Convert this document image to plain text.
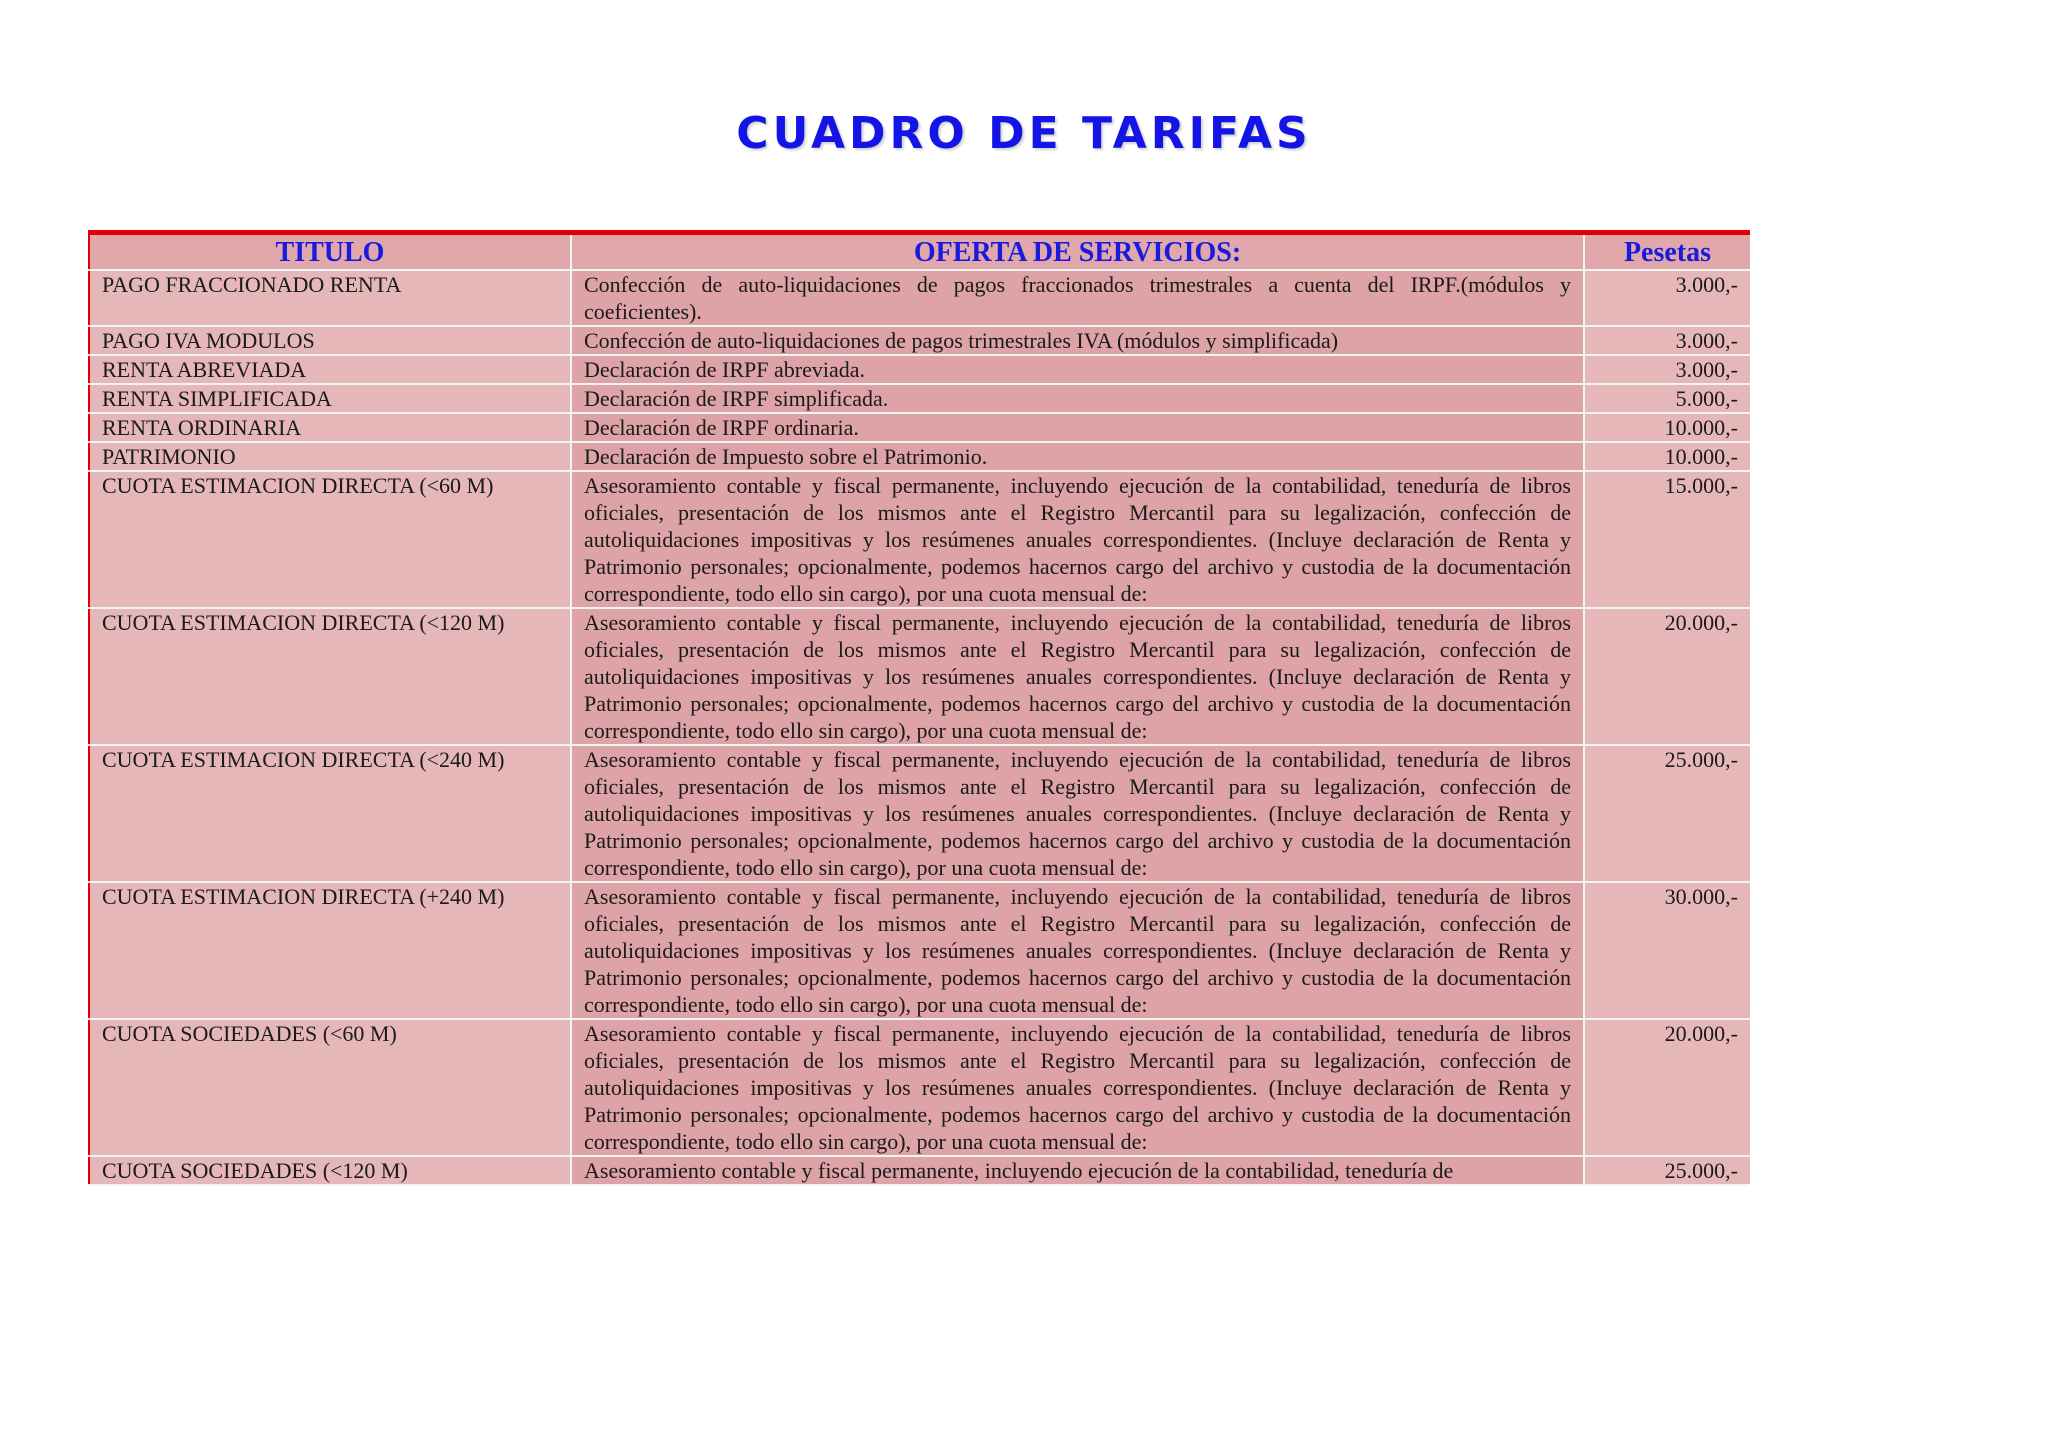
CUADRO DE TARIFAS
TITULO	OFERTA DE SERVICIOS:	Pesetas
PAGO FRACCIONADO RENTA	Confección de auto-liquidaciones de pagos fraccionados trimestrales a cuenta del IRPF.(módulos y coeficientes).	3.000,-
PAGO IVA MODULOS	Confección de auto-liquidaciones de pagos trimestrales IVA (módulos y simplificada)	3.000,-
RENTA ABREVIADA	Declaración de IRPF abreviada.	3.000,-
RENTA SIMPLIFICADA	Declaración de IRPF simplificada.	5.000,-
RENTA ORDINARIA	Declaración de IRPF ordinaria.	10.000,-
PATRIMONIO	Declaración de Impuesto sobre el Patrimonio.	10.000,-
CUOTA ESTIMACION DIRECTA (<60 M)	Asesoramiento contable y fiscal permanente, incluyendo ejecución de la contabilidad, teneduría de libros oficiales, presentación de los mismos ante el Registro Mercantil para su legalización, confección de autoliquidaciones impositivas y los resúmenes anuales correspondientes. (Incluye declaración de Renta y Patrimonio personales; opcionalmente, podemos hacernos cargo del archivo y custodia de la documentación correspondiente, todo ello sin cargo), por una cuota mensual de:	15.000,-
CUOTA ESTIMACION DIRECTA (<120 M)	Asesoramiento contable y fiscal permanente, incluyendo ejecución de la contabilidad, teneduría de libros oficiales, presentación de los mismos ante el Registro Mercantil para su legalización, confección de autoliquidaciones impositivas y los resúmenes anuales correspondientes. (Incluye declaración de Renta y Patrimonio personales; opcionalmente, podemos hacernos cargo del archivo y custodia de la documentación correspondiente, todo ello sin cargo), por una cuota mensual de:	20.000,-
CUOTA ESTIMACION DIRECTA (<240 M)	Asesoramiento contable y fiscal permanente, incluyendo ejecución de la contabilidad, teneduría de libros oficiales, presentación de los mismos ante el Registro Mercantil para su legalización, confección de autoliquidaciones impositivas y los resúmenes anuales correspondientes. (Incluye declaración de Renta y Patrimonio personales; opcionalmente, podemos hacernos cargo del archivo y custodia de la documentación correspondiente, todo ello sin cargo), por una cuota mensual de:	25.000,-
CUOTA ESTIMACION DIRECTA (+240 M)	Asesoramiento contable y fiscal permanente, incluyendo ejecución de la contabilidad, teneduría de libros oficiales, presentación de los mismos ante el Registro Mercantil para su legalización, confección de autoliquidaciones impositivas y los resúmenes anuales correspondientes. (Incluye declaración de Renta y Patrimonio personales; opcionalmente, podemos hacernos cargo del archivo y custodia de la documentación correspondiente, todo ello sin cargo), por una cuota mensual de:	30.000,-
CUOTA SOCIEDADES (<60 M)	Asesoramiento contable y fiscal permanente, incluyendo ejecución de la contabilidad, teneduría de libros oficiales, presentación de los mismos ante el Registro Mercantil para su legalización, confección de autoliquidaciones impositivas y los resúmenes anuales correspondientes. (Incluye declaración de Renta y Patrimonio personales; opcionalmente, podemos hacernos cargo del archivo y custodia de la documentación correspondiente, todo ello sin cargo), por una cuota mensual de:	20.000,-
CUOTA SOCIEDADES (<120 M)	Asesoramiento contable y fiscal permanente, incluyendo ejecución de la contabilidad, teneduría de	25.000,-
